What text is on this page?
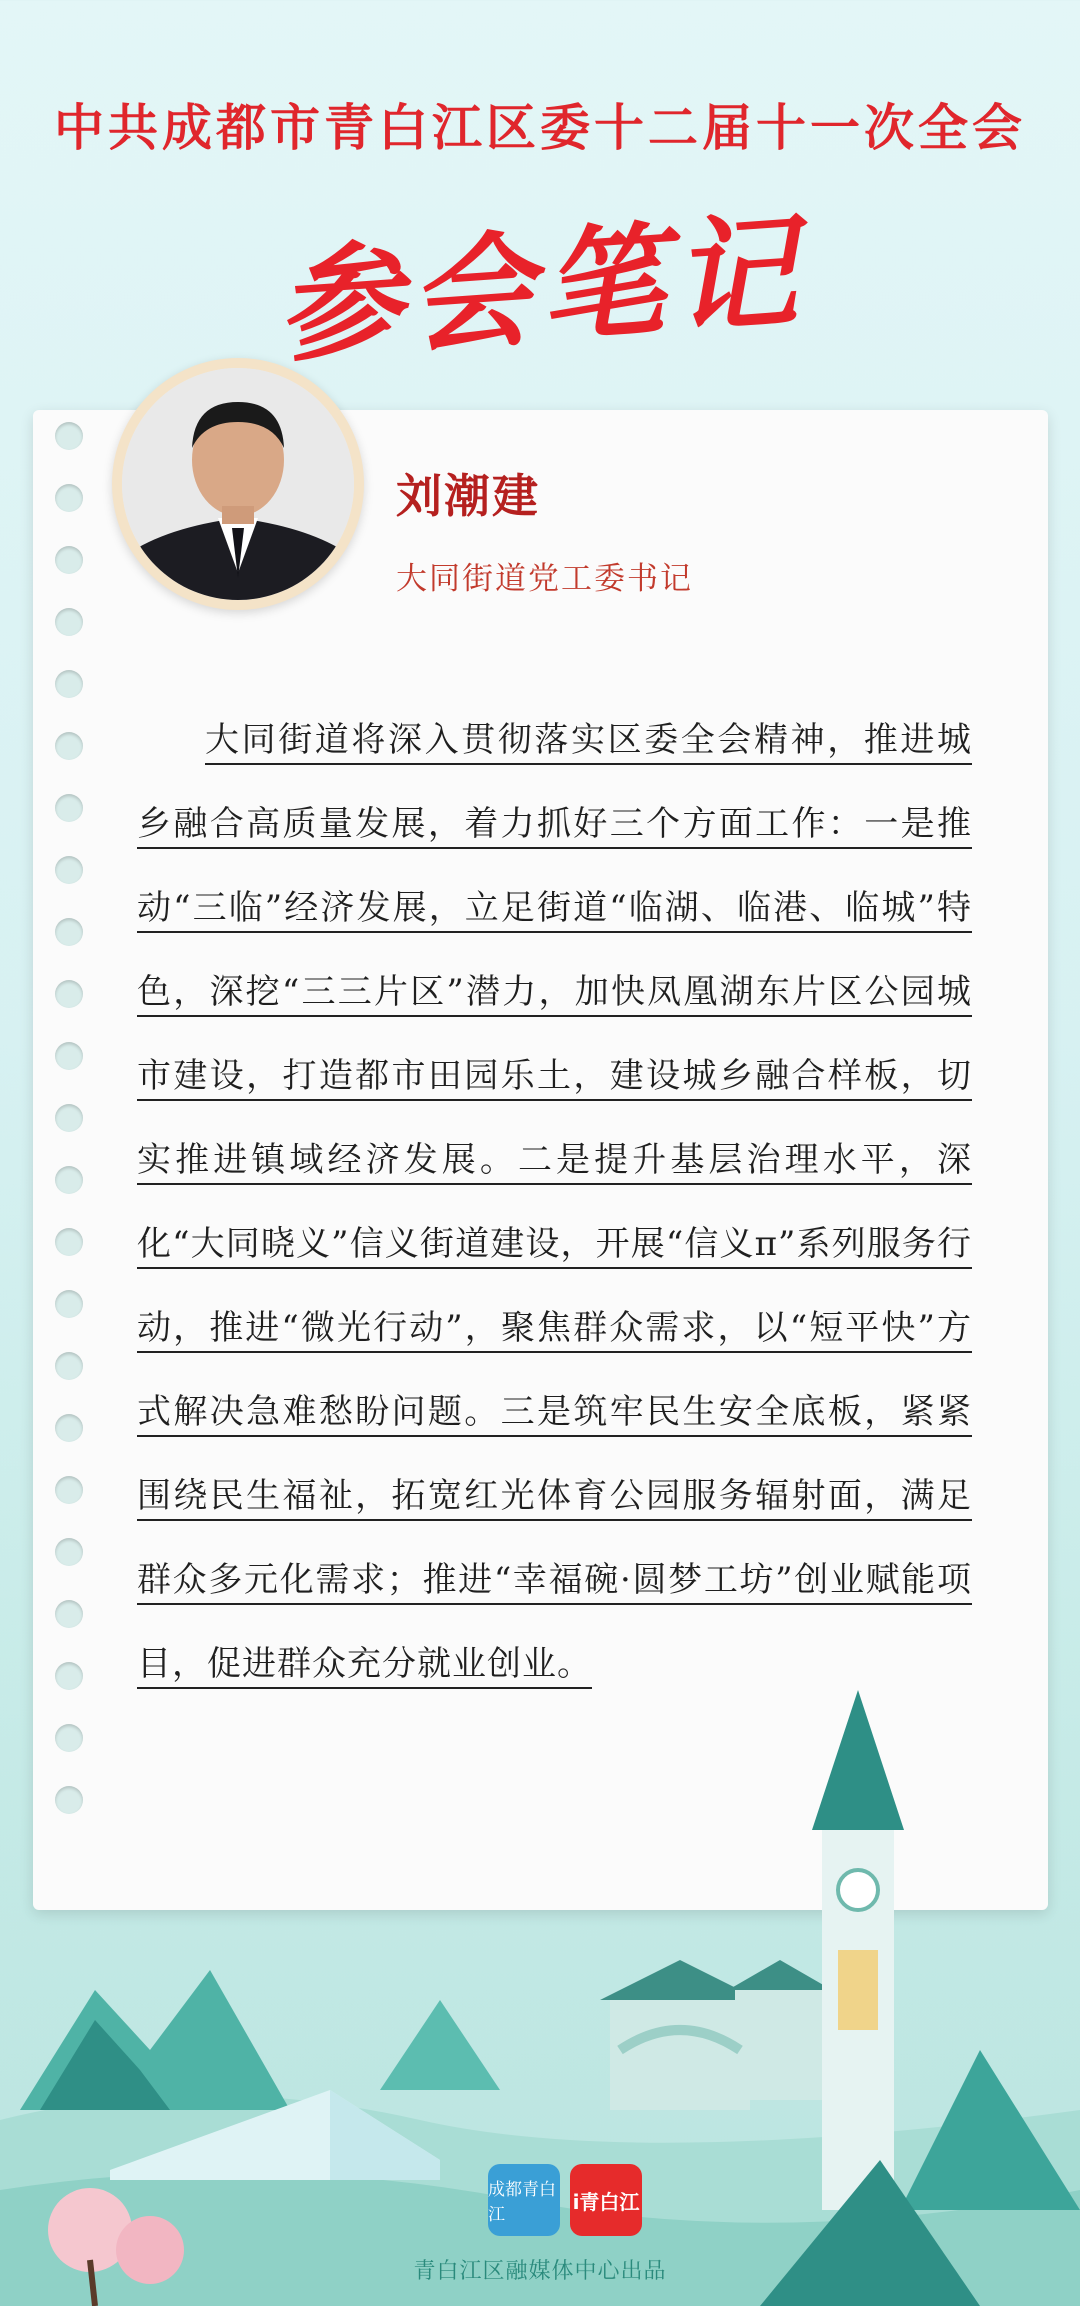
中共成都市青白江区委十二届十一次全会
参会笔记
刘潮建
大同街道党工委书记
大同街道将深入贯彻落实区委全会精神，推进城乡融合高质量发展，着力抓好三个方面工作：一是推动“三临”经济发展，立足街道“临湖、临港、临城”特色，深挖“三三片区”潜力，加快凤凰湖东片区公园城市建设，打造都市田园乐土，建设城乡融合样板，切实推进镇域经济发展。二是提升基层治理水平，深化“大同晓义”信义街道建设，开展“信义π”系列服务行动，推进“微光行动”，聚焦群众需求，以“短平快”方式解决急难愁盼问题。三是筑牢民生安全底板，紧紧围绕民生福祉，拓宽红光体育公园服务辐射面，满足群众多元化需求；推进“幸福碗·圆梦工坊”创业赋能项目，促进群众充分就业创业。
成都青白江
i青白江
青白江区融媒体中心出品
